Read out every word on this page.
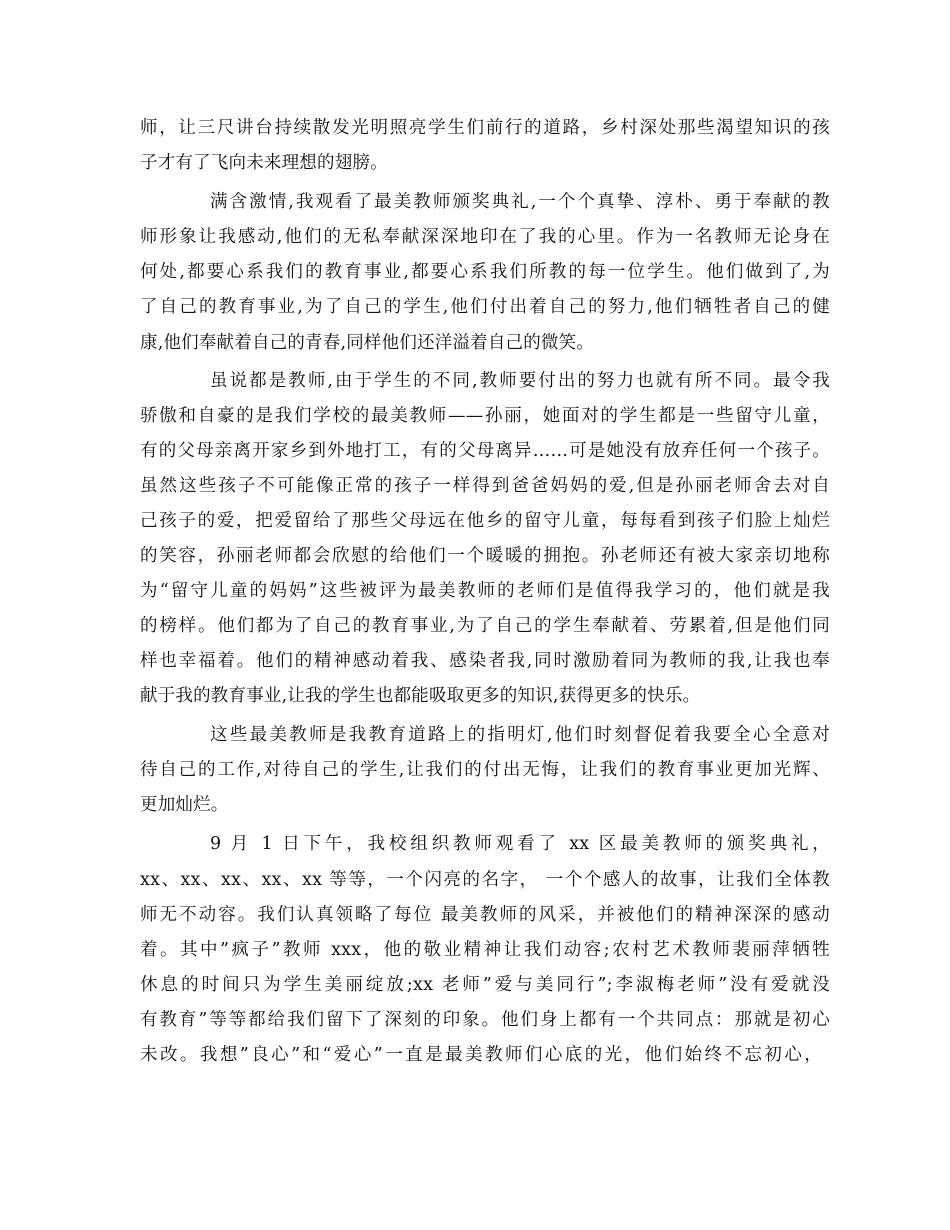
师，让三尺讲台持续散发光明照亮学生们前行的道路，乡村深处那些渴望知识的孩
子才有了飞向未来理想的翅膀。
满含激情,我观看了最美教师颁奖典礼,一个个真挚、淳朴、勇于奉献的教
师形象让我感动,他们的无私奉献深深地印在了我的心里。作为一名教师无论身在
何处,都要心系我们的教育事业,都要心系我们所教的每一位学生。他们做到了,为
了自己的教育事业,为了自己的学生,他们付出着自己的努力,他们牺牲者自己的健
康,他们奉献着自己的青春,同样他们还洋溢着自己的微笑。
虽说都是教师,由于学生的不同,教师要付出的努力也就有所不同。最令我
骄傲和自豪的是我们学校的最美教师——孙丽，她面对的学生都是一些留守儿童，
有的父母亲离开家乡到外地打工，有的父母离异……可是她没有放弃任何一个孩子。
虽然这些孩子不可能像正常的孩子一样得到爸爸妈妈的爱,但是孙丽老师舍去对自
己孩子的爱，把爱留给了那些父母远在他乡的留守儿童，每每看到孩子们脸上灿烂
的笑容，孙丽老师都会欣慰的给他们一个暖暖的拥抱。孙老师还有被大家亲切地称
为“留守儿童的妈妈”这些被评为最美教师的老师们是值得我学习的，他们就是我
的榜样。他们都为了自己的教育事业,为了自己的学生奉献着、劳累着,但是他们同
样也幸福着。他们的精神感动着我、感染者我,同时激励着同为教师的我,让我也奉
献于我的教育事业,让我的学生也都能吸取更多的知识,获得更多的快乐。
这些最美教师是我教育道路上的指明灯,他们时刻督促着我要全心全意对
待自己的工作,对待自己的学生,让我们的付出无悔，让我们的教育事业更加光辉、
更加灿烂。
9 月 1 日下午，我校组织教师观看了 xx 区最美教师的颁奖典礼，
xx、xx、xx、xx、xx 等等，一个闪亮的名字， 一个个感人的故事，让我们全体教
师无不动容。我们认真领略了每位 最美教师的风采，并被他们的精神深深的感动
着。其中”疯子”教师 xxx，他的敬业精神让我们动容;农村艺术教师裴丽萍牺牲
休息的时间只为学生美丽绽放;xx 老师”爱与美同行”;李淑梅老师”没有爱就没
有教育”等等都给我们留下了深刻的印象。他们身上都有一个共同点：那就是初心
未改。我想”良心”和“爱心”一直是最美教师们心底的光，他们始终不忘初心，
